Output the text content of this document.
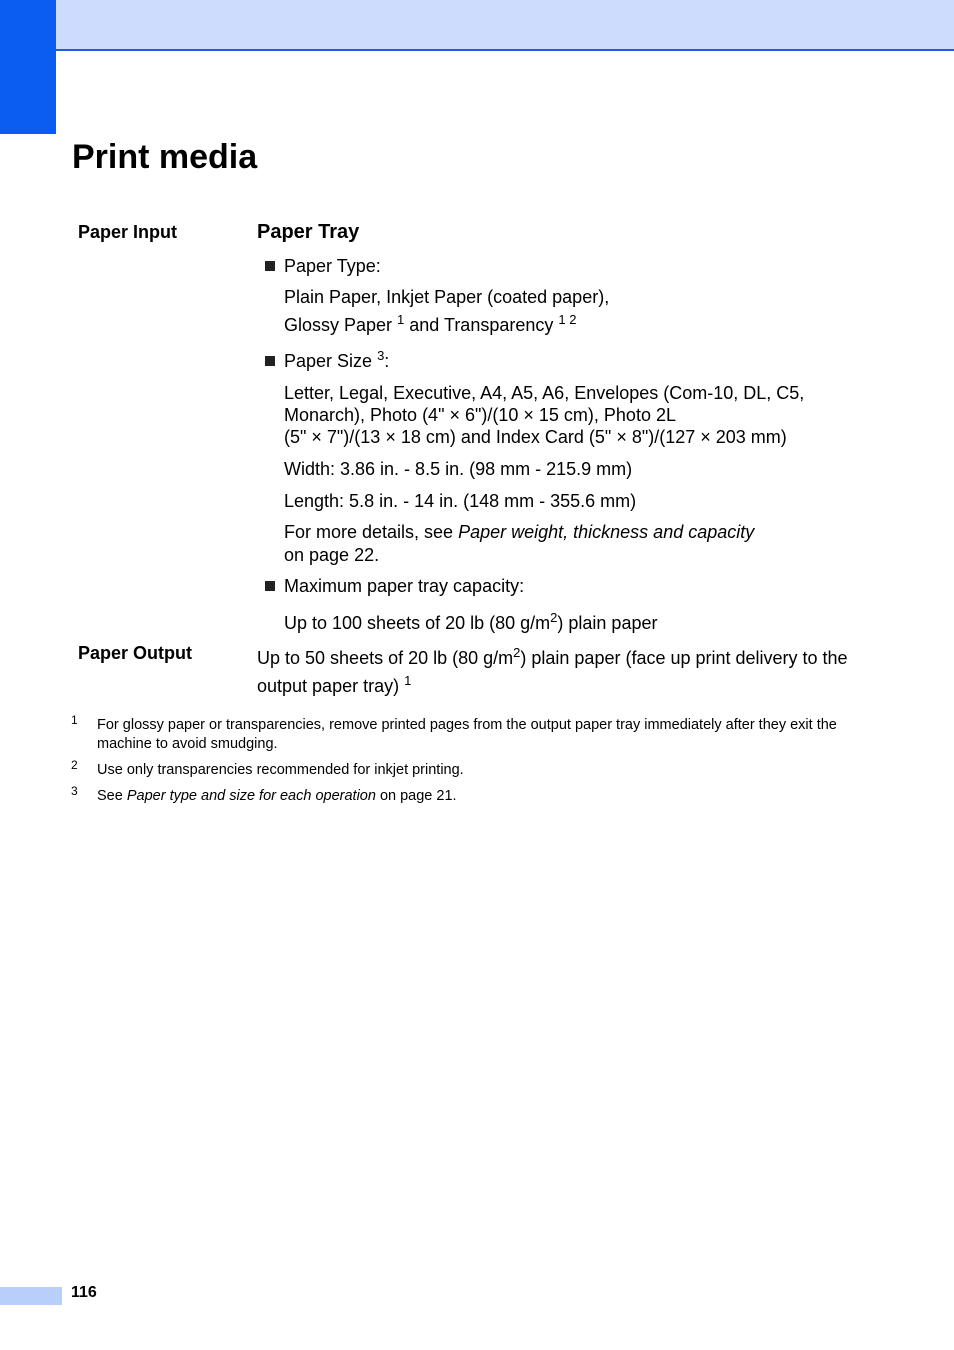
Print media
Paper Input	Paper Tray
Paper Type:
Plain Paper, Inkjet Paper (coated paper),
Glossy Paper $^1$ and Transparency $^{1 2}$
Paper Size $^3$:
Letter, Legal, Executive, A4, A5, A6, Envelopes (Com-10, DL, C5,
Monarch), Photo (4" × 6")/(10 × 15 cm), Photo 2L
(5" × 7")/(13 × 18 cm) and Index Card (5" × 8")/(127 × 203 mm)
Width: 3.86 in. - 8.5 in. (98 mm - 215.9 mm)
Length: 5.8 in. - 14 in. (148 mm - 355.6 mm)
For more details, see Paper weight, thickness and capacity
on page 22.
Maximum paper tray capacity:
Up to 100 sheets of 20 lb (80 $g/m^2$) plain paper
Paper Output	Up to 50 sheets of 20 lb (80 $g/m^2$) plain paper (face up print delivery to the
output paper tray) $^1$
1 For glossy paper or transparencies, remove printed pages from the output paper tray immediately after they exit the
machine to avoid smudging.
2 Use only transparencies recommended for inkjet printing.
3 See Paper type and size for each operation on page 21.
116
